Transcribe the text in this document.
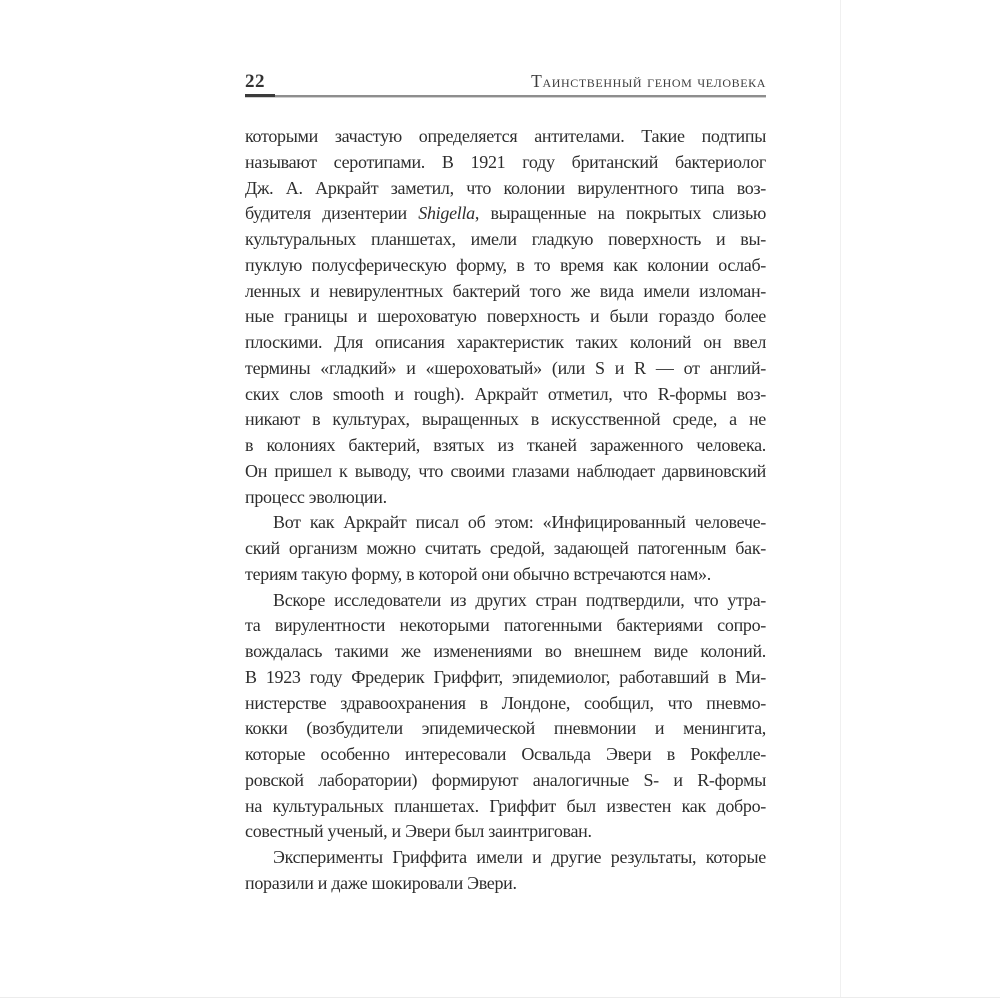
22	Таинственный геном человека
которыми зачастую определяется антителами. Такие подтипы
называют серотипами. В 1921 году британский бактериолог
Дж. А. Аркрайт заметил, что колонии вирулентного типа воз-
будителя дизентерии Shigella, выращенные на покрытых слизью
культуральных планшетах, имели гладкую поверхность и вы-
пуклую полусферическую форму, в то время как колонии ослаб-
ленных и невирулентных бактерий того же вида имели изломан-
ные границы и шероховатую поверхность и были гораздо более
плоскими. Для описания характеристик таких колоний он ввел
термины «гладкий» и «шероховатый» (или S и R — от англий-
ских слов smooth и rough). Аркрайт отметил, что R-формы воз-
никают в культурах, выращенных в искусственной среде, а не
в колониях бактерий, взятых из тканей зараженного человека.
Он пришел к выводу, что своими глазами наблюдает дарвиновский
процесс эволюции.
Вот как Аркрайт писал об этом: «Инфицированный человече-
ский организм можно считать средой, задающей патогенным бак-
териям такую форму, в которой они обычно встречаются нам».
Вскоре исследователи из других стран подтвердили, что утра-
та вирулентности некоторыми патогенными бактериями сопро-
вождалась такими же изменениями во внешнем виде колоний.
В 1923 году Фредерик Гриффит, эпидемиолог, работавший в Ми-
нистерстве здравоохранения в Лондоне, сообщил, что пневмо-
кокки (возбудители эпидемической пневмонии и менингита,
которые особенно интересовали Освальда Эвери в Рокфелле-
ровской лаборатории) формируют аналогичные S- и R-формы
на культуральных планшетах. Гриффит был известен как добро-
совестный ученый, и Эвери был заинтригован.
Эксперименты Гриффита имели и другие результаты, которые
поразили и даже шокировали Эвери.
